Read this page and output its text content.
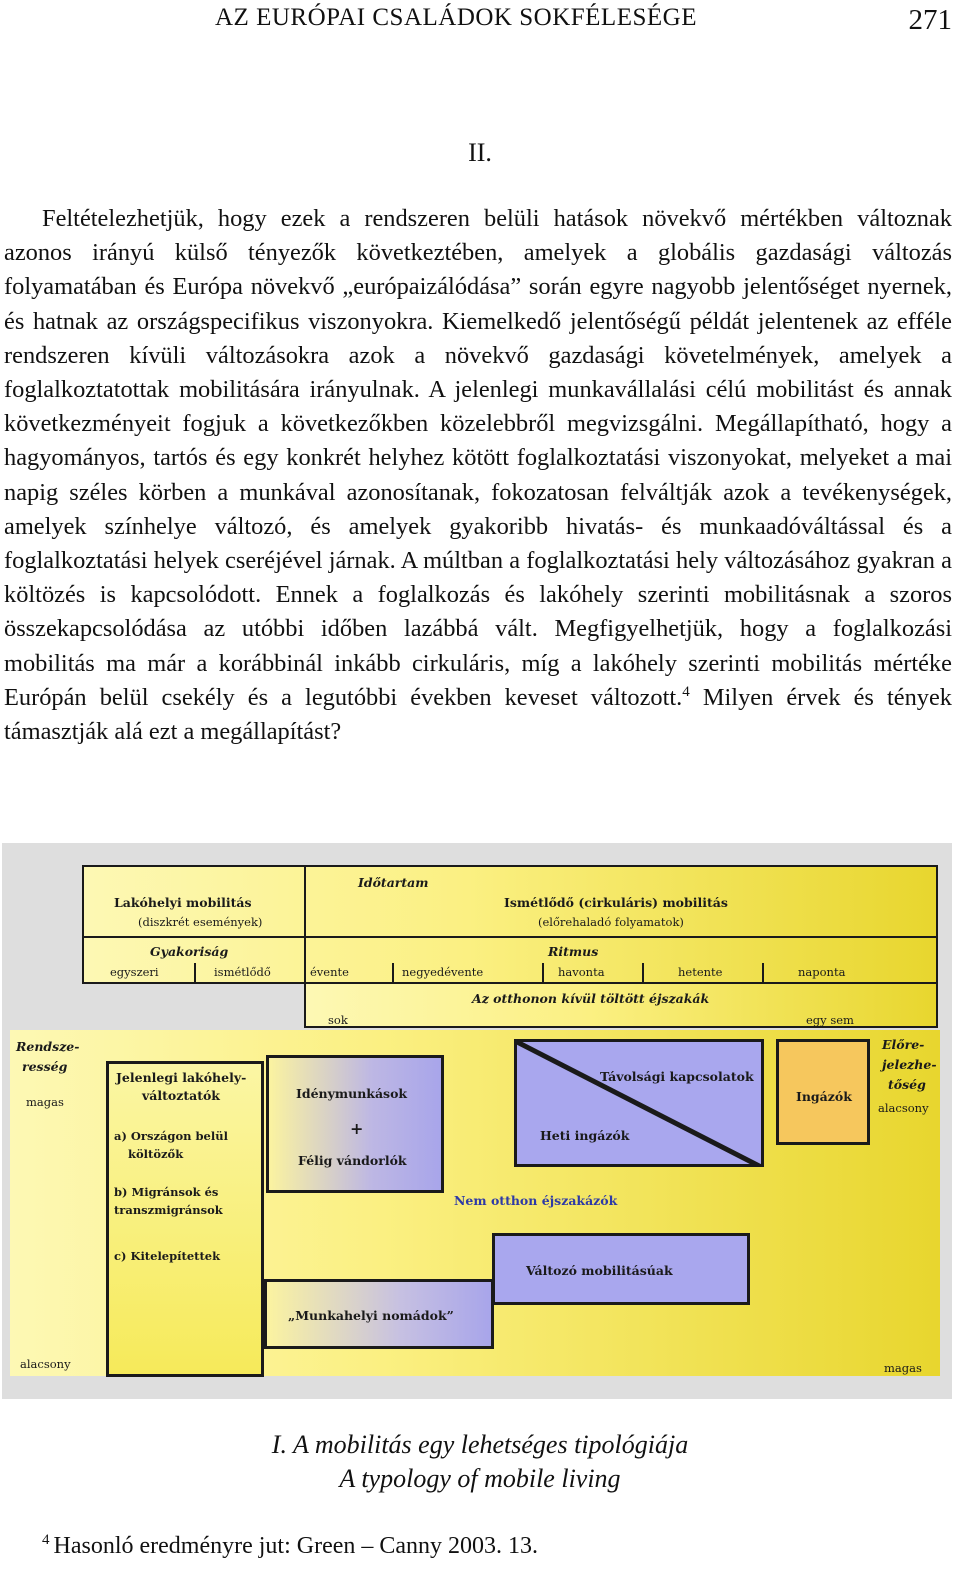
AZ EURÓPAI CSALÁDOK SOKFÉLESÉGE	271
II.

Feltételezhetjük, hogy ezek a rendszeren belüli hatások növekvő mértékben változnak azonos irányú külső tényezők következtében, amelyek a globális gazdasági változás folyamatában és Európa növekvő „európaizálódása” során egyre nagyobb jelentőséget nyernek, és hatnak az országspecifikus viszonyokra. Kiemelkedő jelentőségű példát jelentenek az efféle rendszeren kívüli változásokra azok a növekvő gazdasági követelmények, amelyek a foglalkoztatottak mobilitására irányulnak. A jelenlegi munkavállalási célú mobilitást és annak következményeit fogjuk a következőkben közelebbről megvizsgálni. Megállapítható, hogy a hagyományos, tartós és egy konkrét helyhez kötött foglalkoztatási viszonyokat, melyeket a mai napig széles körben a munkával azonosítanak, fokozatosan felváltják azok a tevékenységek, amelyek színhelye változó, és amelyek gyakoribb hivatás- és munkaadóváltással és a foglalkoztatási helyek cseréjével járnak. A múltban a foglalkoztatási hely változásához gyakran a költözés is kapcsolódott. Ennek a foglalkozás és lakóhely szerinti mobilitásnak a szoros összekapcsolódása az utóbbi időben lazábbá vált. Megfigyelhetjük, hogy a foglalkozási mobilitás ma már a korábbinál inkább cirkuláris, míg a lakóhely szerinti mobilitás mértéke Európán belül csekély és a legutóbbi években keveset változott.$^4$ Milyen érvek és tények támasztják alá ezt a megállapítást?

Időtartam
Lakóhelyi mobilitás
(diszkrét események)
Ismétlődő (cirkuláris) mobilitás
(előrehaladó folyamatok)
Gyakoriság
egyszeri	ismétlődő
Ritmus
évente	negyedévente	havonta	hetente	naponta
Az otthonon kívül töltött éjszakák
sok	egy sem
Rendsze-
resség
magas
alacsony
Előre-
jelezhe-
tőség
alacsony
magas
Jelenlegi lakóhely-
változtatók
a) Országon belül
költözők
b) Migránsok és
transzmigránsok
c) Kitelepítettek
Idénymunkások
+
Félig vándorlók
Távolsági kapcsolatok
Heti ingázók
Ingázók
Nem otthon éjszakázók
Változó mobilitásúak
„Munkahelyi nomádok”
I. A mobilitás egy lehetséges tipológiája
A typology of mobile living
$^4$ Hasonló eredményre jut: Green – Canny 2003. 13.
